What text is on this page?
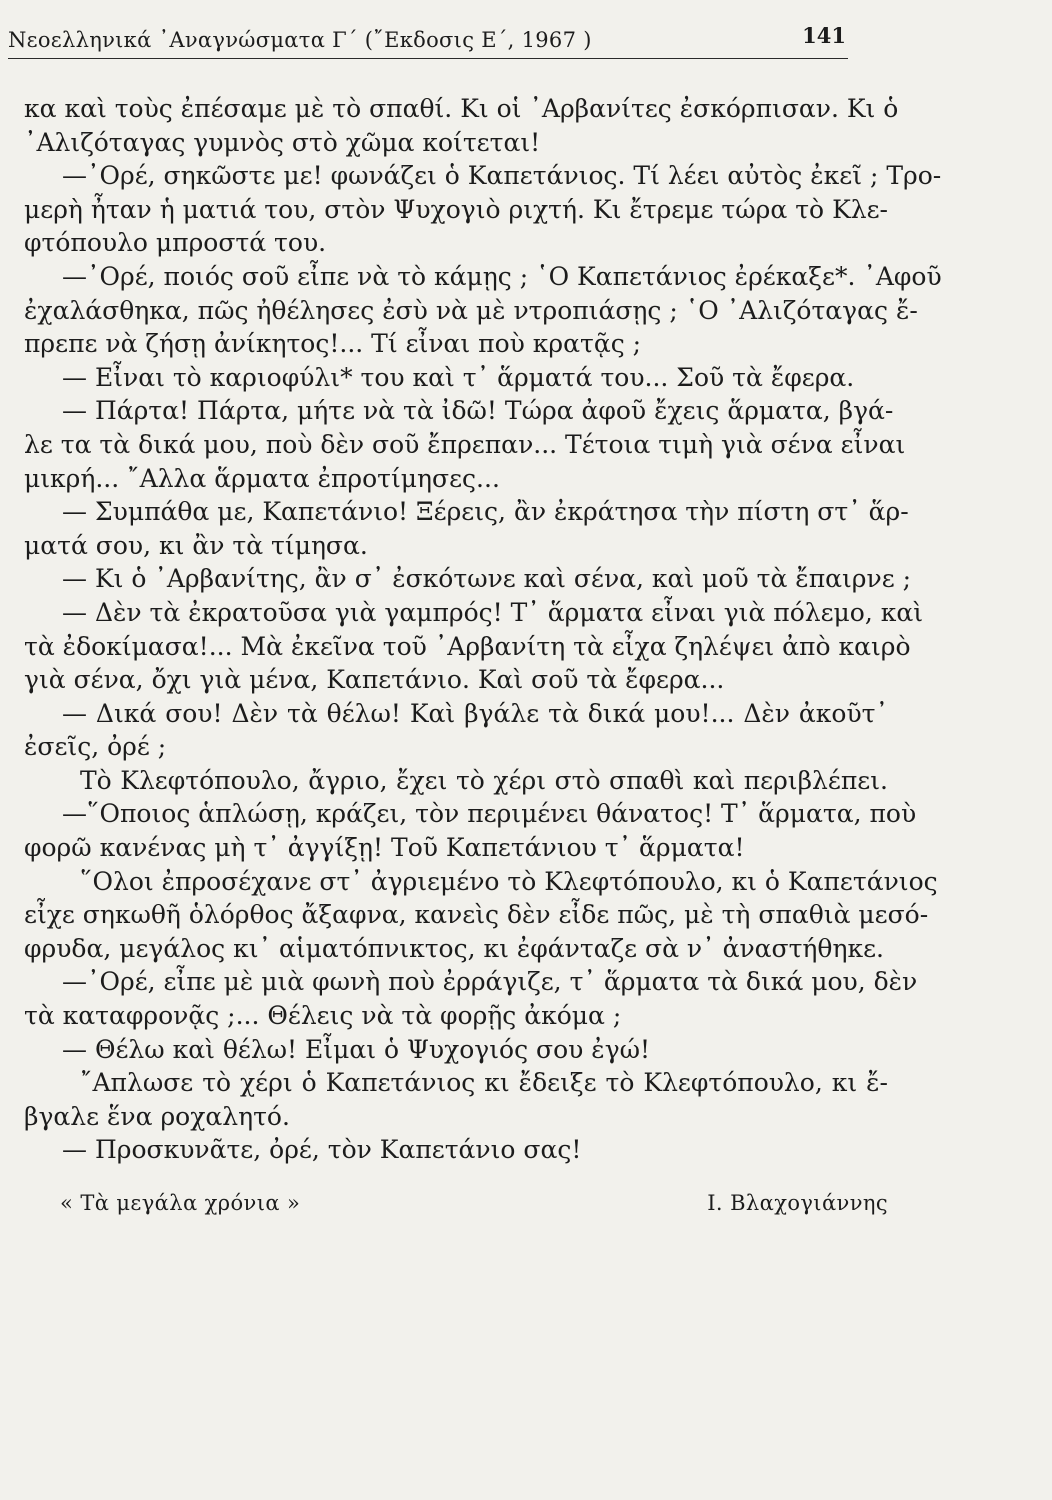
Νεοελληνικά ᾿Αναγνώσματα Γ΄ (῎Εκδοσις Ε΄, 1967 )	141
κα καὶ τοὺς ἐπέσαμε μὲ τὸ σπαθί. Κι οἱ ᾿Αρβανίτες ἐσκόρπισαν. Κι ὁ
᾿Αλιζόταγας γυμνὸς στὸ χῶμα κοίτεται!
—᾿Ορέ, σηκῶστε με! φωνάζει ὁ Καπετάνιος. Τί λέει αὐτὸς ἐκεῖ ; Τρο-
μερὴ ἦταν ἡ ματιά του, στὸν Ψυχογιὸ ριχτή. Κι ἔτρεμε τώρα τὸ Κλε-
φτόπουλο μπροστά του.
—᾿Ορέ, ποιός σοῦ εἶπε νὰ τὸ κάμῃς ; ῾Ο Καπετάνιος ἐρέκαξε*. ᾿Αφοῦ
ἐχαλάσθηκα, πῶς ἠθέλησες ἐσὺ νὰ μὲ ντροπιάσῃς ; ῾Ο ᾿Αλιζόταγας ἔ-
πρεπε νὰ ζήσῃ ἀνίκητος!... Τί εἶναι ποὺ κρατᾷς ;
— Εἶναι τὸ καριοφύλι* του καὶ τ᾿ ἅρματά του... Σοῦ τὰ ἔφερα.
— Πάρτα! Πάρτα, μήτε νὰ τὰ ἰδῶ! Τώρα ἀφοῦ ἔχεις ἅρματα, βγά-
λε τα τὰ δικά μου, ποὺ δὲν σοῦ ἔπρεπαν... Τέτοια τιμὴ γιὰ σένα εἶναι
μικρή... ῎Αλλα ἅρματα ἐπροτίμησες...
— Συμπάθα με, Καπετάνιο! Ξέρεις, ἂν ἐκράτησα τὴν πίστη στ᾿ ἅρ-
ματά σου, κι ἂν τὰ τίμησα.
— Κι ὁ ᾿Αρβανίτης, ἂν σ᾿ ἐσκότωνε καὶ σένα, καὶ μοῦ τὰ ἔπαιρνε ;
— Δὲν τὰ ἐκρατοῦσα γιὰ γαμπρός! Τ᾿ ἅρματα εἶναι γιὰ πόλεμο, καὶ
τὰ ἐδοκίμασα!... Μὰ ἐκεῖνα τοῦ ᾿Αρβανίτη τὰ εἶχα ζηλέψει ἀπὸ καιρὸ
γιὰ σένα, ὄχι γιὰ μένα, Καπετάνιο. Καὶ σοῦ τὰ ἔφερα...
— Δικά σου! Δὲν τὰ θέλω! Καὶ βγάλε τὰ δικά μου!... Δὲν ἀκοῦτ᾿
ἐσεῖς, ὀρέ ;
Τὸ Κλεφτόπουλο, ἄγριο, ἔχει τὸ χέρι στὸ σπαθὶ καὶ περιβλέπει.
—῞Οποιος ἁπλώσῃ, κράζει, τὸν περιμένει θάνατος! Τ᾿ ἅρματα, ποὺ
φορῶ κανένας μὴ τ᾿ ἀγγίξῃ! Τοῦ Καπετάνιου τ᾿ ἅρματα!
῞Ολοι ἐπροσέχανε στ᾿ ἀγριεμένο τὸ Κλεφτόπουλο, κι ὁ Καπετάνιος
εἶχε σηκωθῆ ὁλόρθος ἄξαφνα, κανεὶς δὲν εἶδε πῶς, μὲ τὴ σπαθιὰ μεσό-
φρυδα, μεγάλος κι᾿ αἱματόπνικτος, κι ἐφάνταζε σὰ ν᾿ ἀναστήθηκε.
—᾿Ορέ, εἶπε μὲ μιὰ φωνὴ ποὺ ἐρράγιζε, τ᾿ ἅρματα τὰ δικά μου, δὲν
τὰ καταφρονᾷς ;... Θέλεις νὰ τὰ φορῇς ἀκόμα ;
— Θέλω καὶ θέλω! Εἶμαι ὁ Ψυχογιός σου ἐγώ!
῎Απλωσε τὸ χέρι ὁ Καπετάνιος κι ἔδειξε τὸ Κλεφτόπουλο, κι ἔ-
βγαλε ἕνα ροχαλητό.
— Προσκυνᾶτε, ὀρέ, τὸν Καπετάνιο σας!
« Τὰ μεγάλα χρόνια »	Ι. Βλαχογιάννης
